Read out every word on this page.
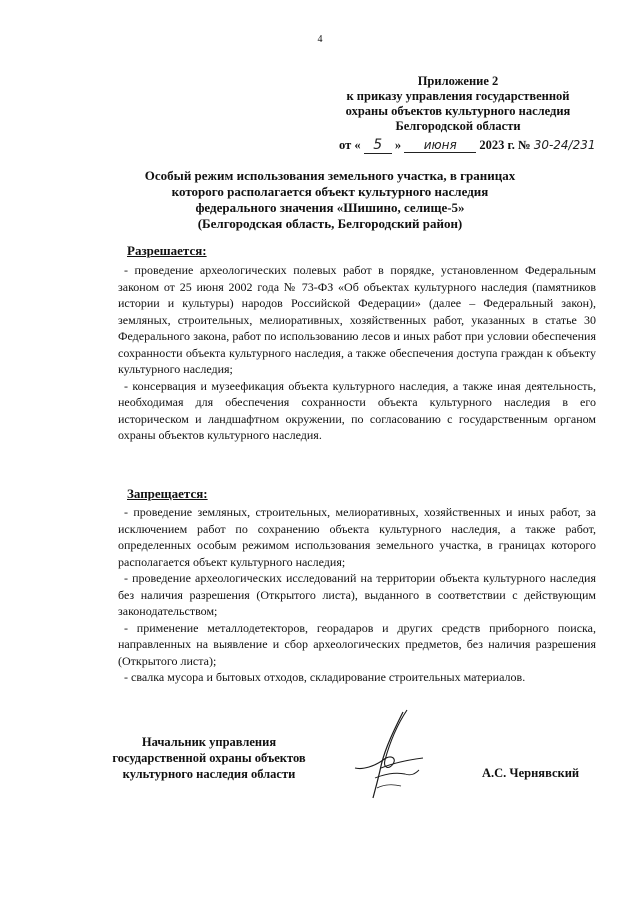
4
Приложение 2
к приказу управления государственной
охраны объектов культурного наследия
Белгородской области
от « 5 » июня 2023 г. № 30-24/231
Особый режим использования земельного участка, в границах
которого располагается объект культурного наследия
федерального значения «Шишино, селище-5»
(Белгородская область, Белгородский район)
Разрешается:

- проведение археологических полевых работ в порядке, установленном Федеральным законом от 25 июня 2002 года № 73-ФЗ «Об объектах культурного наследия (памятников истории и культуры) народов Российской Федерации» (далее – Федеральный закон), земляных, строительных, мелиоративных, хозяйственных работ, указанных в статье 30 Федерального закона, работ по использованию лесов и иных работ при условии обеспечения сохранности объекта культурного наследия, а также обеспечения доступа граждан к объекту культурного наследия;

- консервация и музеефикация объекта культурного наследия, а также иная деятельность, необходимая для обеспечения сохранности объекта культурного наследия в его историческом и ландшафтном окружении, по согласованию с государственным органом охраны объектов культурного наследия.

Запрещается:

- проведение земляных, строительных, мелиоративных, хозяйственных и иных работ, за исключением работ по сохранению объекта культурного наследия, а также работ, определенных особым режимом использования земельного участка, в границах которого располагается объект культурного наследия;

- проведение археологических исследований на территории объекта культурного наследия без наличия разрешения (Открытого листа), выданного в соответствии с действующим законодательством;

- применение металлодетекторов, георадаров и других средств приборного поиска, направленных на выявление и сбор археологических предметов, без наличия разрешения (Открытого листа);

- свалка мусора и бытовых отходов, складирование строительных материалов.

Начальник управления
государственной охраны объектов
культурного наследия области	А.С. Чернявский
